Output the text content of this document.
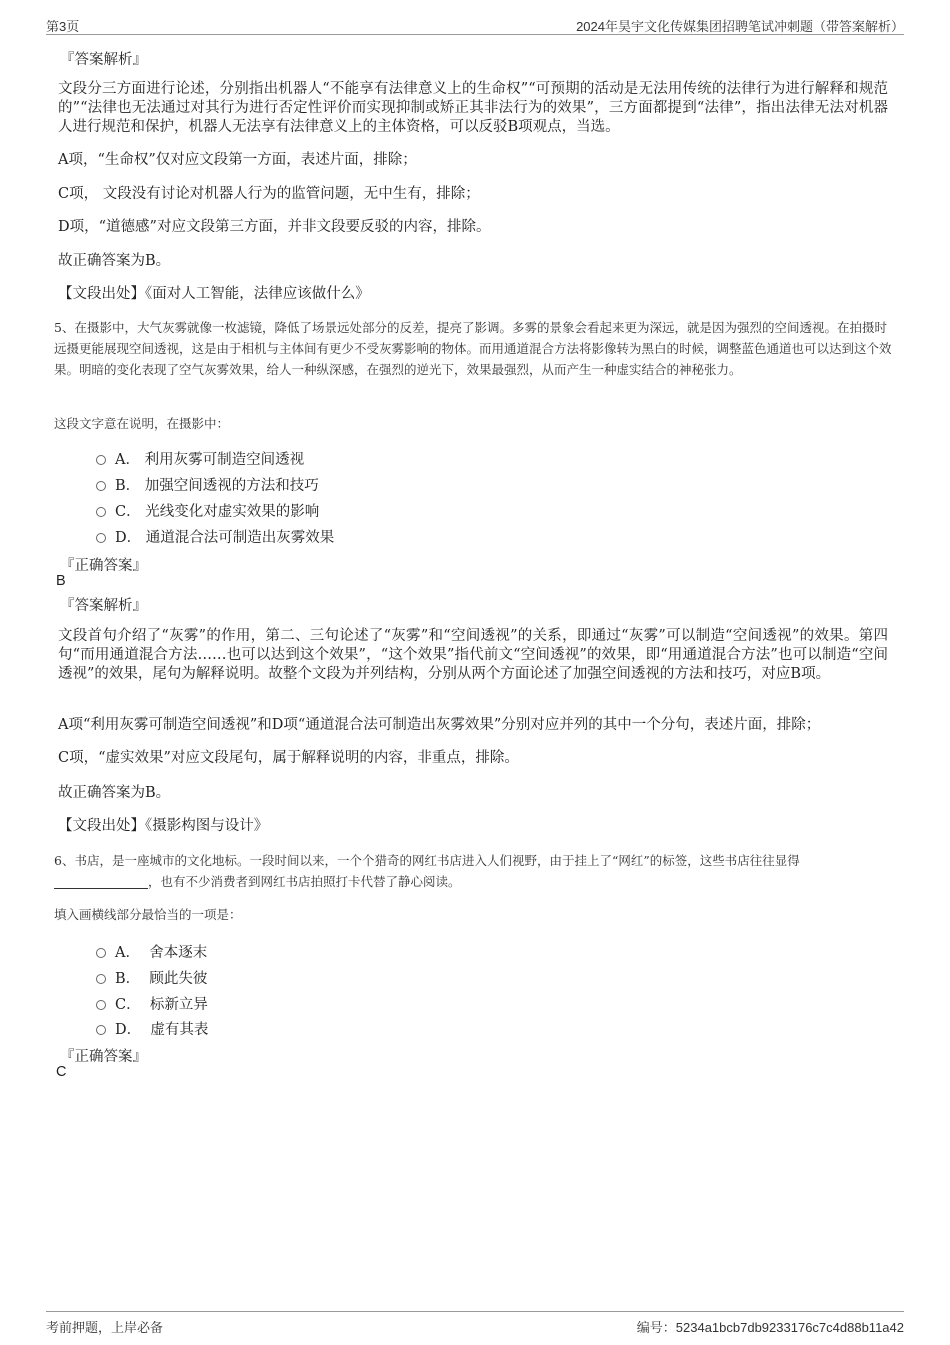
第3页	2024年昊宇文化传媒集团招聘笔试冲刺题（带答案解析）
『答案解析』
文段分三方面进行论述，分别指出机器人“不能享有法律意义上的生命权”“可预期的活动是无法用传统的法律行为进行解释和规范的”“法律也无法通过对其行为进行否定性评价而实现抑制或矫正其非法行为的效果”，三方面都提到“法律”，指出法律无法对机器人进行规范和保护，机器人无法享有法律意义上的主体资格，可以反驳B项观点，当选。
A项，“生命权”仅对应文段第一方面，表述片面，排除；
C项， 文段没有讨论对机器人行为的监管问题，无中生有，排除；
D项，“道德感”对应文段第三方面，并非文段要反驳的内容，排除。
故正确答案为B。
【文段出处】《面对人工智能，法律应该做什么》
5、在摄影中，大气灰雾就像一枚滤镜，降低了场景远处部分的反差，提亮了影调。多雾的景象会看起来更为深远，就是因为强烈的空间透视。在拍摄时远摄更能展现空间透视，这是由于相机与主体间有更少不受灰雾影响的物体。而用通道混合方法将影像转为黑白的时候，调整蓝色通道也可以达到这个效果。明暗的变化表现了空气灰雾效果，给人一种纵深感，在强烈的逆光下，效果最强烈，从而产生一种虚实结合的神秘张力。
这段文字意在说明，在摄影中：
A． 利用灰雾可制造空间透视
B． 加强空间透视的方法和技巧
C． 光线变化对虚实效果的影响
D． 通道混合法可制造出灰雾效果
『正确答案』
B
『答案解析』
文段首句介绍了“灰雾”的作用，第二、三句论述了“灰雾”和“空间透视”的关系，即通过“灰雾”可以制造“空间透视”的效果。第四句“而用通道混合方法……也可以达到这个效果”，“这个效果”指代前文“空间透视”的效果，即“用通道混合方法”也可以制造“空间透视”的效果，尾句为解释说明。故整个文段为并列结构，分别从两个方面论述了加强空间透视的方法和技巧，对应B项。
A项“利用灰雾可制造空间透视”和D项“通道混合法可制造出灰雾效果”分别对应并列的其中一个分句，表述片面，排除；
C项，“虚实效果”对应文段尾句，属于解释说明的内容，非重点，排除。
故正确答案为B。
【文段出处】《摄影构图与设计》
6、书店，是一座城市的文化地标。一段时间以来，一个个猎奇的网红书店进入人们视野，由于挂上了“网红”的标签，这些书店往往显得
，也有不少消费者到网红书店拍照打卡代替了静心阅读。
填入画横线部分最恰当的一项是：
A． 舍本逐末
B． 顾此失彼
C． 标新立异
D． 虚有其表
『正确答案』
C
考前押题，上岸必备	编号：5234a1bcb7db9233176c7c4d88b11a42
